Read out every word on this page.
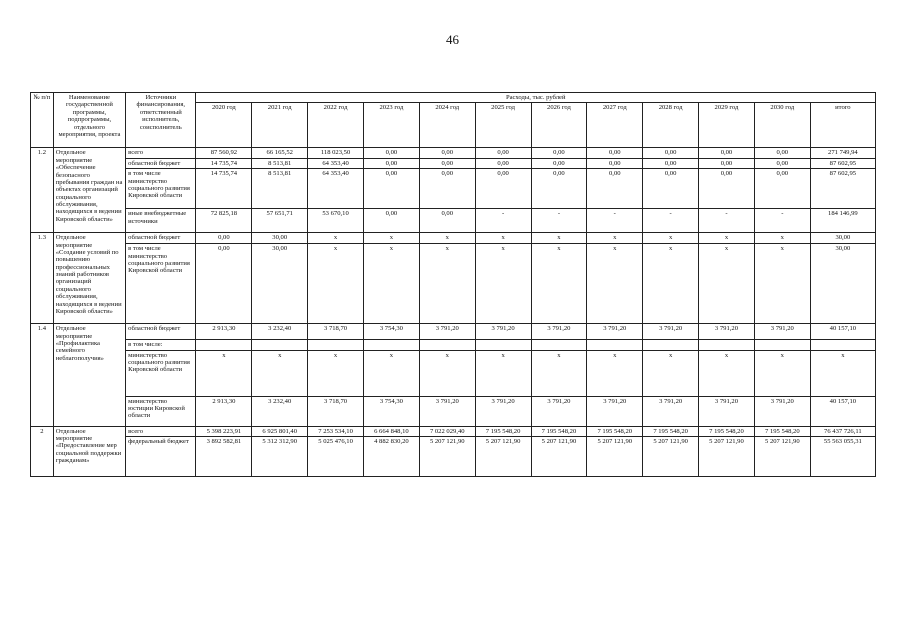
46
№ п/п	Наименование государственной программы, подпрограммы, отдельного мероприятия, проекта	Источники финансирования, ответственный исполнитель, соисполнитель	Расходы, тыс. рублей											
			2020 год	2021 год	2022 год	2023 год	2024 год	2025 год	2026 год	2027 год	2028 год	2029 год	2030 год	итого
1.2	Отдельное мероприятие «Обеспечение безопасного пребывания граждан на объектах организаций социального обслуживания, находящихся в ведении Кировской области»	всего	87 560,92	66 165,52	118 023,50	0,00	0,00	0,00	0,00	0,00	0,00	0,00	0,00	271 749,94
		областной бюджет	14 735,74	8 513,81	64 353,40	0,00	0,00	0,00	0,00	0,00	0,00	0,00	0,00	87 602,95
		в том числе министерство социального развития Кировской области	14 735,74	8 513,81	64 353,40	0,00	0,00	0,00	0,00	0,00	0,00	0,00	0,00	87 602,95
		иные внебюджетные источники	72 825,18	57 651,71	53 670,10	0,00	0,00	-	-	-	-	-	-	184 146,99
1.3	Отдельное мероприятие «Создание условий по повышению профессиональных знаний работников организаций социального обслуживания, находящихся в ведении Кировской области»	областной бюджет	0,00	30,00	х	х	х	х	х	х	х	х	х	30,00
		в том числе министерство социального развития Кировской области	0,00	30,00	х	х	х	х	х	х	х	х	х	30,00
1.4	Отдельное мероприятие «Профилактика семейного неблагополучия»	областной бюджет	2 913,30	3 232,40	3 718,70	3 754,30	3 791,20	3 791,20	3 791,20	3 791,20	3 791,20	3 791,20	3 791,20	40 157,10
		в том числе:												
		министерство социального развития Кировской области	х	х	х	х	х	х	х	х	х	х	х	х
		министерство юстиции Кировской области	2 913,30	3 232,40	3 718,70	3 754,30	3 791,20	3 791,20	3 791,20	3 791,20	3 791,20	3 791,20	3 791,20	40 157,10
2	Отдельное мероприятие «Предоставление мер социальной поддержки гражданам»	всего	5 398 223,91	6 925 801,40	7 253 534,10	6 664 848,10	7 022 029,40	7 195 548,20	7 195 548,20	7 195 548,20	7 195 548,20	7 195 548,20	7 195 548,20	76 437 726,11
		федеральный бюджет	3 892 582,81	5 312 312,90	5 025 476,10	4 882 830,20	5 207 121,90	5 207 121,90	5 207 121,90	5 207 121,90	5 207 121,90	5 207 121,90	5 207 121,90	55 563 055,31
